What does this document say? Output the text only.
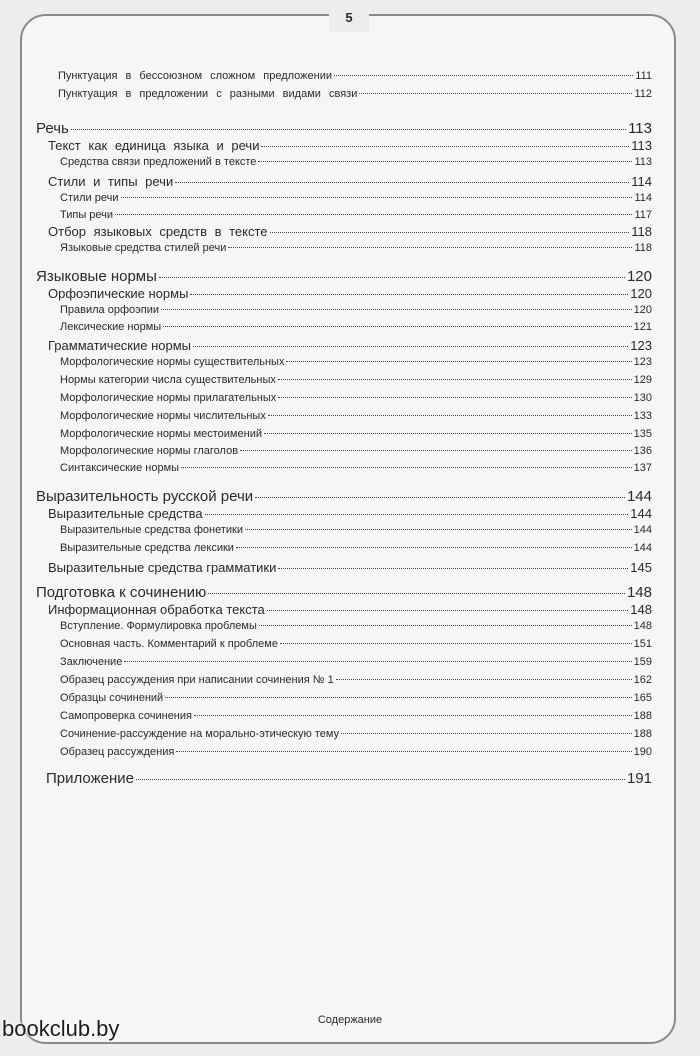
5
Пунктуация в бессоюзном сложном предложении	111
Пунктуация в предложении с разными видами связи	112
Речь	113
Текст как единица языка и речи	113
Средства связи предложений в тексте	113
Стили и типы речи	114
Стили речи	114
Типы речи	117
Отбор языковых средств в тексте	118
Языковые средства стилей речи	118
Языковые нормы	120
Орфоэпические нормы	120
Правила орфоэпии	120
Лексические нормы	121
Грамматические нормы	123
Морфологические нормы существительных	123
Нормы категории числа существительных	129
Морфологические нормы прилагательных	130
Морфологические нормы числительных	133
Морфологические нормы местоимений	135
Морфологические нормы глаголов	136
Синтаксические нормы	137
Выразительность русской речи	144
Выразительные средства	144
Выразительные средства фонетики	144
Выразительные средства лексики	144
Выразительные средства грамматики	145
Подготовка к сочинению	148
Информационная обработка текста	148
Вступление. Формулировка проблемы	148
Основная часть. Комментарий к проблеме	151
Заключение	159
Образец рассуждения при написании сочинения № 1	162
Образцы сочинений	165
Самопроверка сочинения	188
Сочинение-рассуждение на морально-этическую тему	188
Образец рассуждения	190
Приложение	191
Содержание
bookclub.by
